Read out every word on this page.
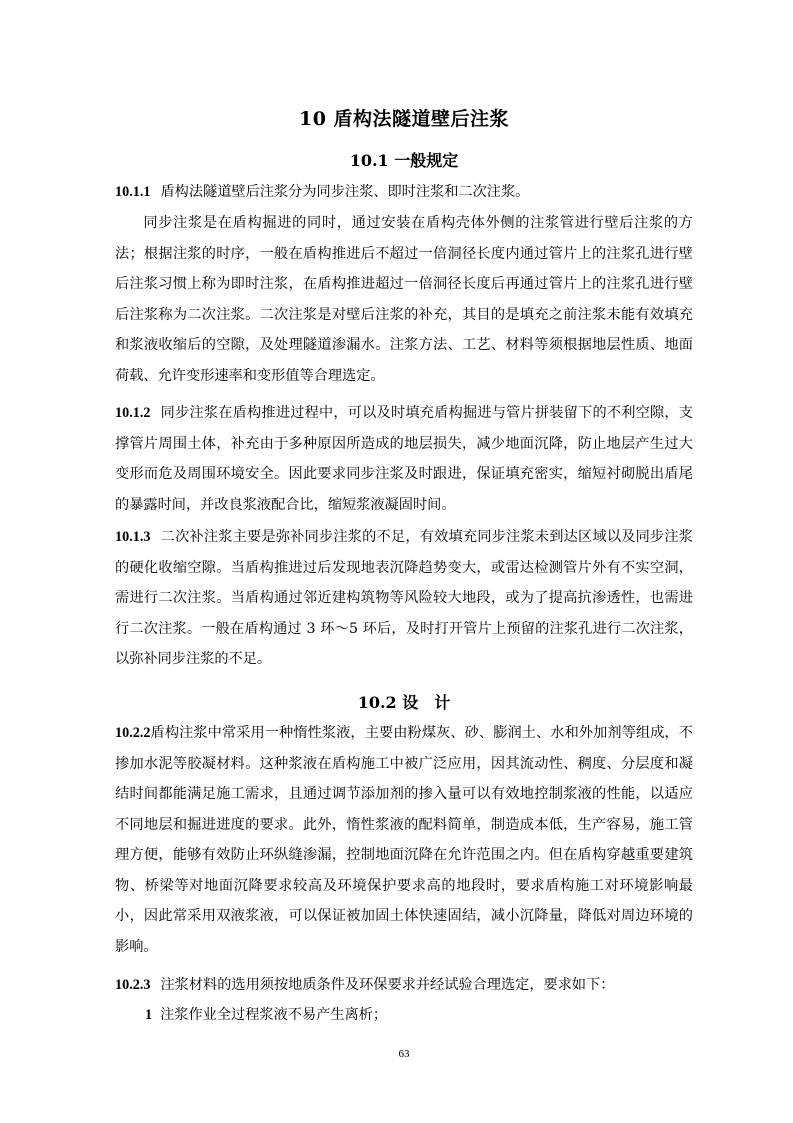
10 盾构法隧道壁后注浆
10.1 一般规定

10.1.1 盾构法隧道壁后注浆分为同步注浆、即时注浆和二次注浆。

同步注浆是在盾构掘进的同时，通过安装在盾构壳体外侧的注浆管进行壁后注浆的方法；根据注浆的时序，一般在盾构推进后不超过一倍洞径长度内通过管片上的注浆孔进行壁后注浆习惯上称为即时注浆，在盾构推进超过一倍洞径长度后再通过管片上的注浆孔进行壁后注浆称为二次注浆。二次注浆是对壁后注浆的补充，其目的是填充之前注浆未能有效填充和浆液收缩后的空隙，及处理隧道渗漏水。注浆方法、工艺、材料等须根据地层性质、地面荷载、允许变形速率和变形值等合理选定。

10.1.2 同步注浆在盾构推进过程中，可以及时填充盾构掘进与管片拼装留下的不利空隙，支撑管片周围土体，补充由于多种原因所造成的地层损失，减少地面沉降，防止地层产生过大变形而危及周围环境安全。因此要求同步注浆及时跟进，保证填充密实，缩短衬砌脱出盾尾的暴露时间，并改良浆液配合比，缩短浆液凝固时间。

10.1.3 二次补注浆主要是弥补同步注浆的不足，有效填充同步注浆未到达区域以及同步注浆的硬化收缩空隙。当盾构推进过后发现地表沉降趋势变大，或雷达检测管片外有不实空洞，需进行二次注浆。当盾构通过邻近建构筑物等风险较大地段，或为了提高抗渗透性，也需进行二次注浆。一般在盾构通过 3 环～5 环后，及时打开管片上预留的注浆孔进行二次注浆，以弥补同步注浆的不足。

10.2 设　计

10.2.2盾构注浆中常采用一种惰性浆液，主要由粉煤灰、砂、膨润土、水和外加剂等组成，不掺加水泥等胶凝材料。这种浆液在盾构施工中被广泛应用，因其流动性、稠度、分层度和凝结时间都能满足施工需求，且通过调节添加剂的掺入量可以有效地控制浆液的性能，以适应不同地层和掘进进度的要求。此外，惰性浆液的配料简单，制造成本低，生产容易，施工管理方便，能够有效防止环纵缝渗漏，控制地面沉降在允许范围之内。但在盾构穿越重要建筑物、桥梁等对地面沉降要求较高及环境保护要求高的地段时，要求盾构施工对环境影响最小，因此常采用双液浆液，可以保证被加固土体快速固结，减小沉降量，降低对周边环境的影响。

10.2.3 注浆材料的选用须按地质条件及环保要求并经试验合理选定，要求如下：

1 注浆作业全过程浆液不易产生离析；

63
